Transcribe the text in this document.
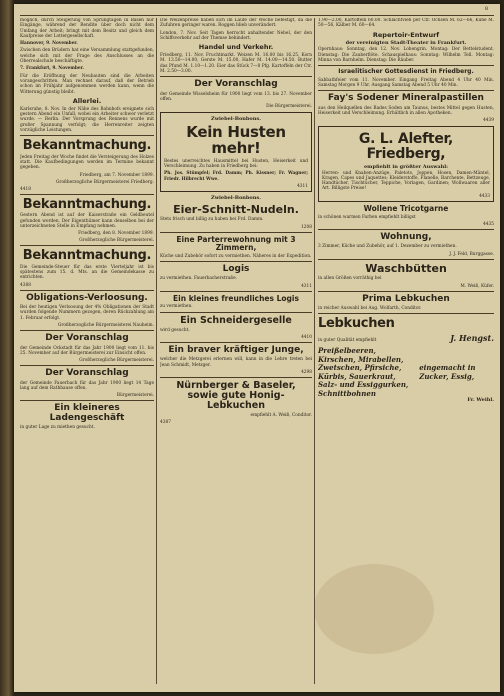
8

möglich, durch Steigerung von Sprungtagen in Basen nur Eingänge, während der Rendite über doch nicht dem Umfang der Arbeit; bringt mit dem Besitz und gleich dem Kaufpreise der Lottergesellschaft.

Hannover, 9. November.

Zwischen den Brüdern hat eine Versammlung stattgefunden, welche sich mit der Frage des Anschlusses an die Oberrealschule beschäftigte.

7. Frankfurt, 9. November.

Für die Eröffnung der Neubauten sind die Arbeiten vorangeschritten. Man rechnet darauf, daß der Betrieb schon im Frühjahr aufgenommen werden kann, wenn die Witterung günstig bleibt.

Allerlei.

Karlsruhe, 8. Nov. In der Nähe des Bahnhofs ereignete sich gestern Abend ein Unfall, wobei ein Arbeiter schwer verletzt wurde. — Berlin. Der Vorsprung des Rennens wurde mit großer Spannung verfolgt; die Herrenreiter zeigten vorzügliche Leistungen.

Bekanntmachung.

Jeden Freitag der Woche findet die Versteigerung des Holzes statt. Die Kaufbedingungen werden im Termine bekannt gegeben.

Friedberg, am 7. November 1899.

Großherzogliche Bürgermeisterei Friedberg.

4418

Bekanntmachung.

Gestern Abend ist auf der Kaiserstraße ein Geldbeutel gefunden worden. Der Eigenthümer kann denselben bei der unterzeichneten Stelle in Empfang nehmen.

Friedberg, den 8. November 1899.

Großherzogliche Bürgermeisterei.

Bekanntmachung.

Die Gemeinde-Steuer für das erste Vierteljahr ist bis spätestens zum 15. d. Mts. an die Gemeindekasse zu entrichten.

4388

Obligations-Verloosung.

Bei der heutigen Verloosung der 4% Obligationen der Stadt wurden folgende Nummern gezogen, deren Rückzahlung am 1. Februar erfolgt.

Großherzogliche Bürgermeisterei Nauheim.

Der Voranschlag

der Gemeinde Ockstadt für das Jahr 1900 liegt vom 11. bis 25. November auf der Bürgermeisterei zur Einsicht offen.

Großherzogliche Bürgermeisterei.

Der Voranschlag

der Gemeinde Fauerbach für das Jahr 1900 liegt 14 Tage lang auf dem Rathhause offen.

Bürgermeisterei.

Ein kleineres Ladengeschäft

in guter Lage zu miethen gesucht.

Die Weizenpreise haben sich im Laufe der Woche befestigt, da die Zufuhren geringer waren. Roggen blieb unverändert.

London, 7. Nov. Seit Tagen herrscht anhaltender Nebel, der den Schiffsverkehr auf der Themse behindert.

Handel und Verkehr.

Friedberg, 11. Nov. Fruchtmarkt. Weizen M. 16.00 bis 16.25, Korn M. 13.50—14.00, Gerste M. 15.00, Hafer M. 14.00—14.50. Butter das Pfund M. 1.10—1.20. Eier das Stück 7—8 Pfg. Kartoffeln der Ctr. M. 2.50—3.00.

Der Voranschlag

der Gemeinde Wisselsheim für 1900 liegt vom 13. bis 27. November offen.

Die Bürgermeisterei.

Zwiebel-Bonbons.
Kein Husten mehr!

Bestes unerreichtes Hausmittel bei Husten, Heiserkeit und Verschleimung. Zu haben in Friedberg bei:

Ph. Jos. Stümpfel; Frd. Damm; Ph. Kissner; Fr. Wagner; Friedr. Hilbrecht Wwe.

4311

Zwiebel-Bonbons.
Eier-Schnitt-Nudeln.

Stets frisch und billig zu haben bei Frd. Damm.

1208

Eine Parterrewohnung mit 3 Zimmern,

Küche und Zubehör sofort zu vermiethen. Näheres in der Expedition.

Logis

zu vermiethen. Fauerbacherstraße.

4311

Ein kleines freundliches Logis

zu vermiethen.

Ein Schneidergeselle

wird gesucht.

4410

Ein braver kräftiger Junge,

welcher die Metzgerei erlernen will, kann in die Lehre treten bei Jean Schmidt, Metzger.

4298

Nürnberger & Baseler, sowie gute Honig-Lebkuchen

empfiehlt A. Weiß, Conditor.

4387

1.90—2.00, Kartoffeln 60.00. Schlachtvieh per Ctr. Ochsen M. 62—66, Kühe M. 50—56, Kälber M. 60—64.

Repertoir-Entwurf
der vereinigten Stadt-Theater in Frankfurt.

Opernhaus: Sonntag, den 12. Nov. Lohengrin. Montag: Der Bettelstudent. Dienstag: Die Zauberflöte. Schauspielhaus: Sonntag: Wilhelm Tell. Montag: Minna von Barnhelm. Dienstag: Die Räuber.

Israelitischer Gottesdienst in Friedberg.

Sabbathfeier vom 11. November. Eingang Freitag Abend 4 Uhr 40 Min. Samstag Morgen 9 Uhr. Ausgang Samstag Abend 5 Uhr 40 Min.

Fay's Sodener Mineralpastillen

aus den Heilquellen des Bades Soden am Taunus, bestes Mittel gegen Husten, Heiserkeit und Verschleimung. Erhältlich in allen Apotheken.

4439

G. L. Alefter, Friedberg,
empfiehlt in größter Auswahl:

Herren- und Knaben-Anzüge, Paletots, Joppen, Hosen, Damen-Mäntel, Kragen, Capes und Jaquettes; Kleiderstoffe, Flanelle, Barchente, Bettzeuge, Handtücher, Tischtücher, Teppiche, Vorlagen, Gardinen; Wollwaaren aller Art. Billigste Preise!

4433

Wollene Tricotgarne

in schönen warmen Farben empfiehlt billigst

4435

Wohnung,

3 Zimmer, Küche und Zubehör, auf 1. Dezember zu vermiethen.

J. J. Feld, Burggasse.

Waschbütten

in allen Größen vorräthig bei

M. Weiß, Küfer.

Prima Lebkuchen

in reicher Auswahl bei Aug. Wolfarth, Conditor.

Lebkuchen
in guter Qualität empfiehlt	J. Hengst.
Preißelbeeren, Kirschen, Mirabellen, Zwetschen, Pfirsiche, Kürbis, Sauerkraut, Salz- und Essiggurken, Schnittbohnen
eingemacht in Zucker, Essig,

Fr. Weihl.
